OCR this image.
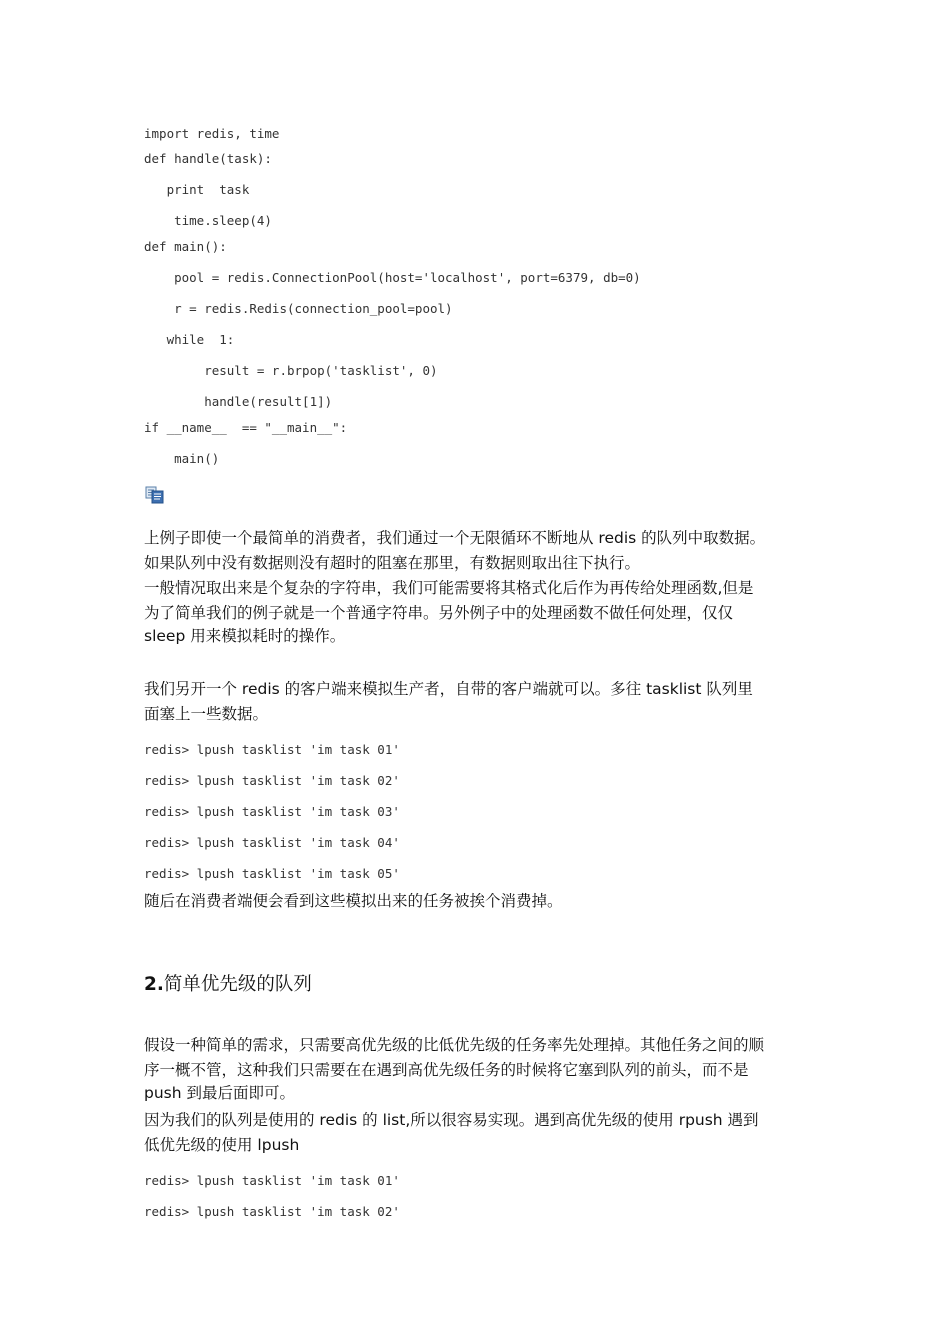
import redis, time
def handle(task):
print  task
time.sleep(4)
def main():
pool = redis.ConnectionPool(host='localhost', port=6379, db=0)
r = redis.Redis(connection_pool=pool)
while  1:
result = r.brpop('tasklist', 0)
handle(result[1])
if __name__  == "__main__":
main()
上例子即使一个最简单的消费者，我们通过一个无限循环不断地从 redis 的队列中取数据。
如果队列中没有数据则没有超时的阻塞在那里，有数据则取出往下执行。
一般情况取出来是个复杂的字符串，我们可能需要将其格式化后作为再传给处理函数,但是
为了简单我们的例子就是一个普通字符串。另外例子中的处理函数不做任何处理，仅仅
sleep 用来模拟耗时的操作。
我们另开一个 redis 的客户端来模拟生产者，自带的客户端就可以。多往 tasklist 队列里
面塞上一些数据。
redis> lpush tasklist 'im task 01'
redis> lpush tasklist 'im task 02'
redis> lpush tasklist 'im task 03'
redis> lpush tasklist 'im task 04'
redis> lpush tasklist 'im task 05'
随后在消费者端便会看到这些模拟出来的任务被挨个消费掉。
2.简单优先级的队列
假设一种简单的需求，只需要高优先级的比低优先级的任务率先处理掉。其他任务之间的顺
序一概不管，这种我们只需要在在遇到高优先级任务的时候将它塞到队列的前头，而不是
push 到最后面即可。
因为我们的队列是使用的 redis 的 list,所以很容易实现。遇到高优先级的使用 rpush 遇到
低优先级的使用 lpush
redis> lpush tasklist 'im task 01'
redis> lpush tasklist 'im task 02'
